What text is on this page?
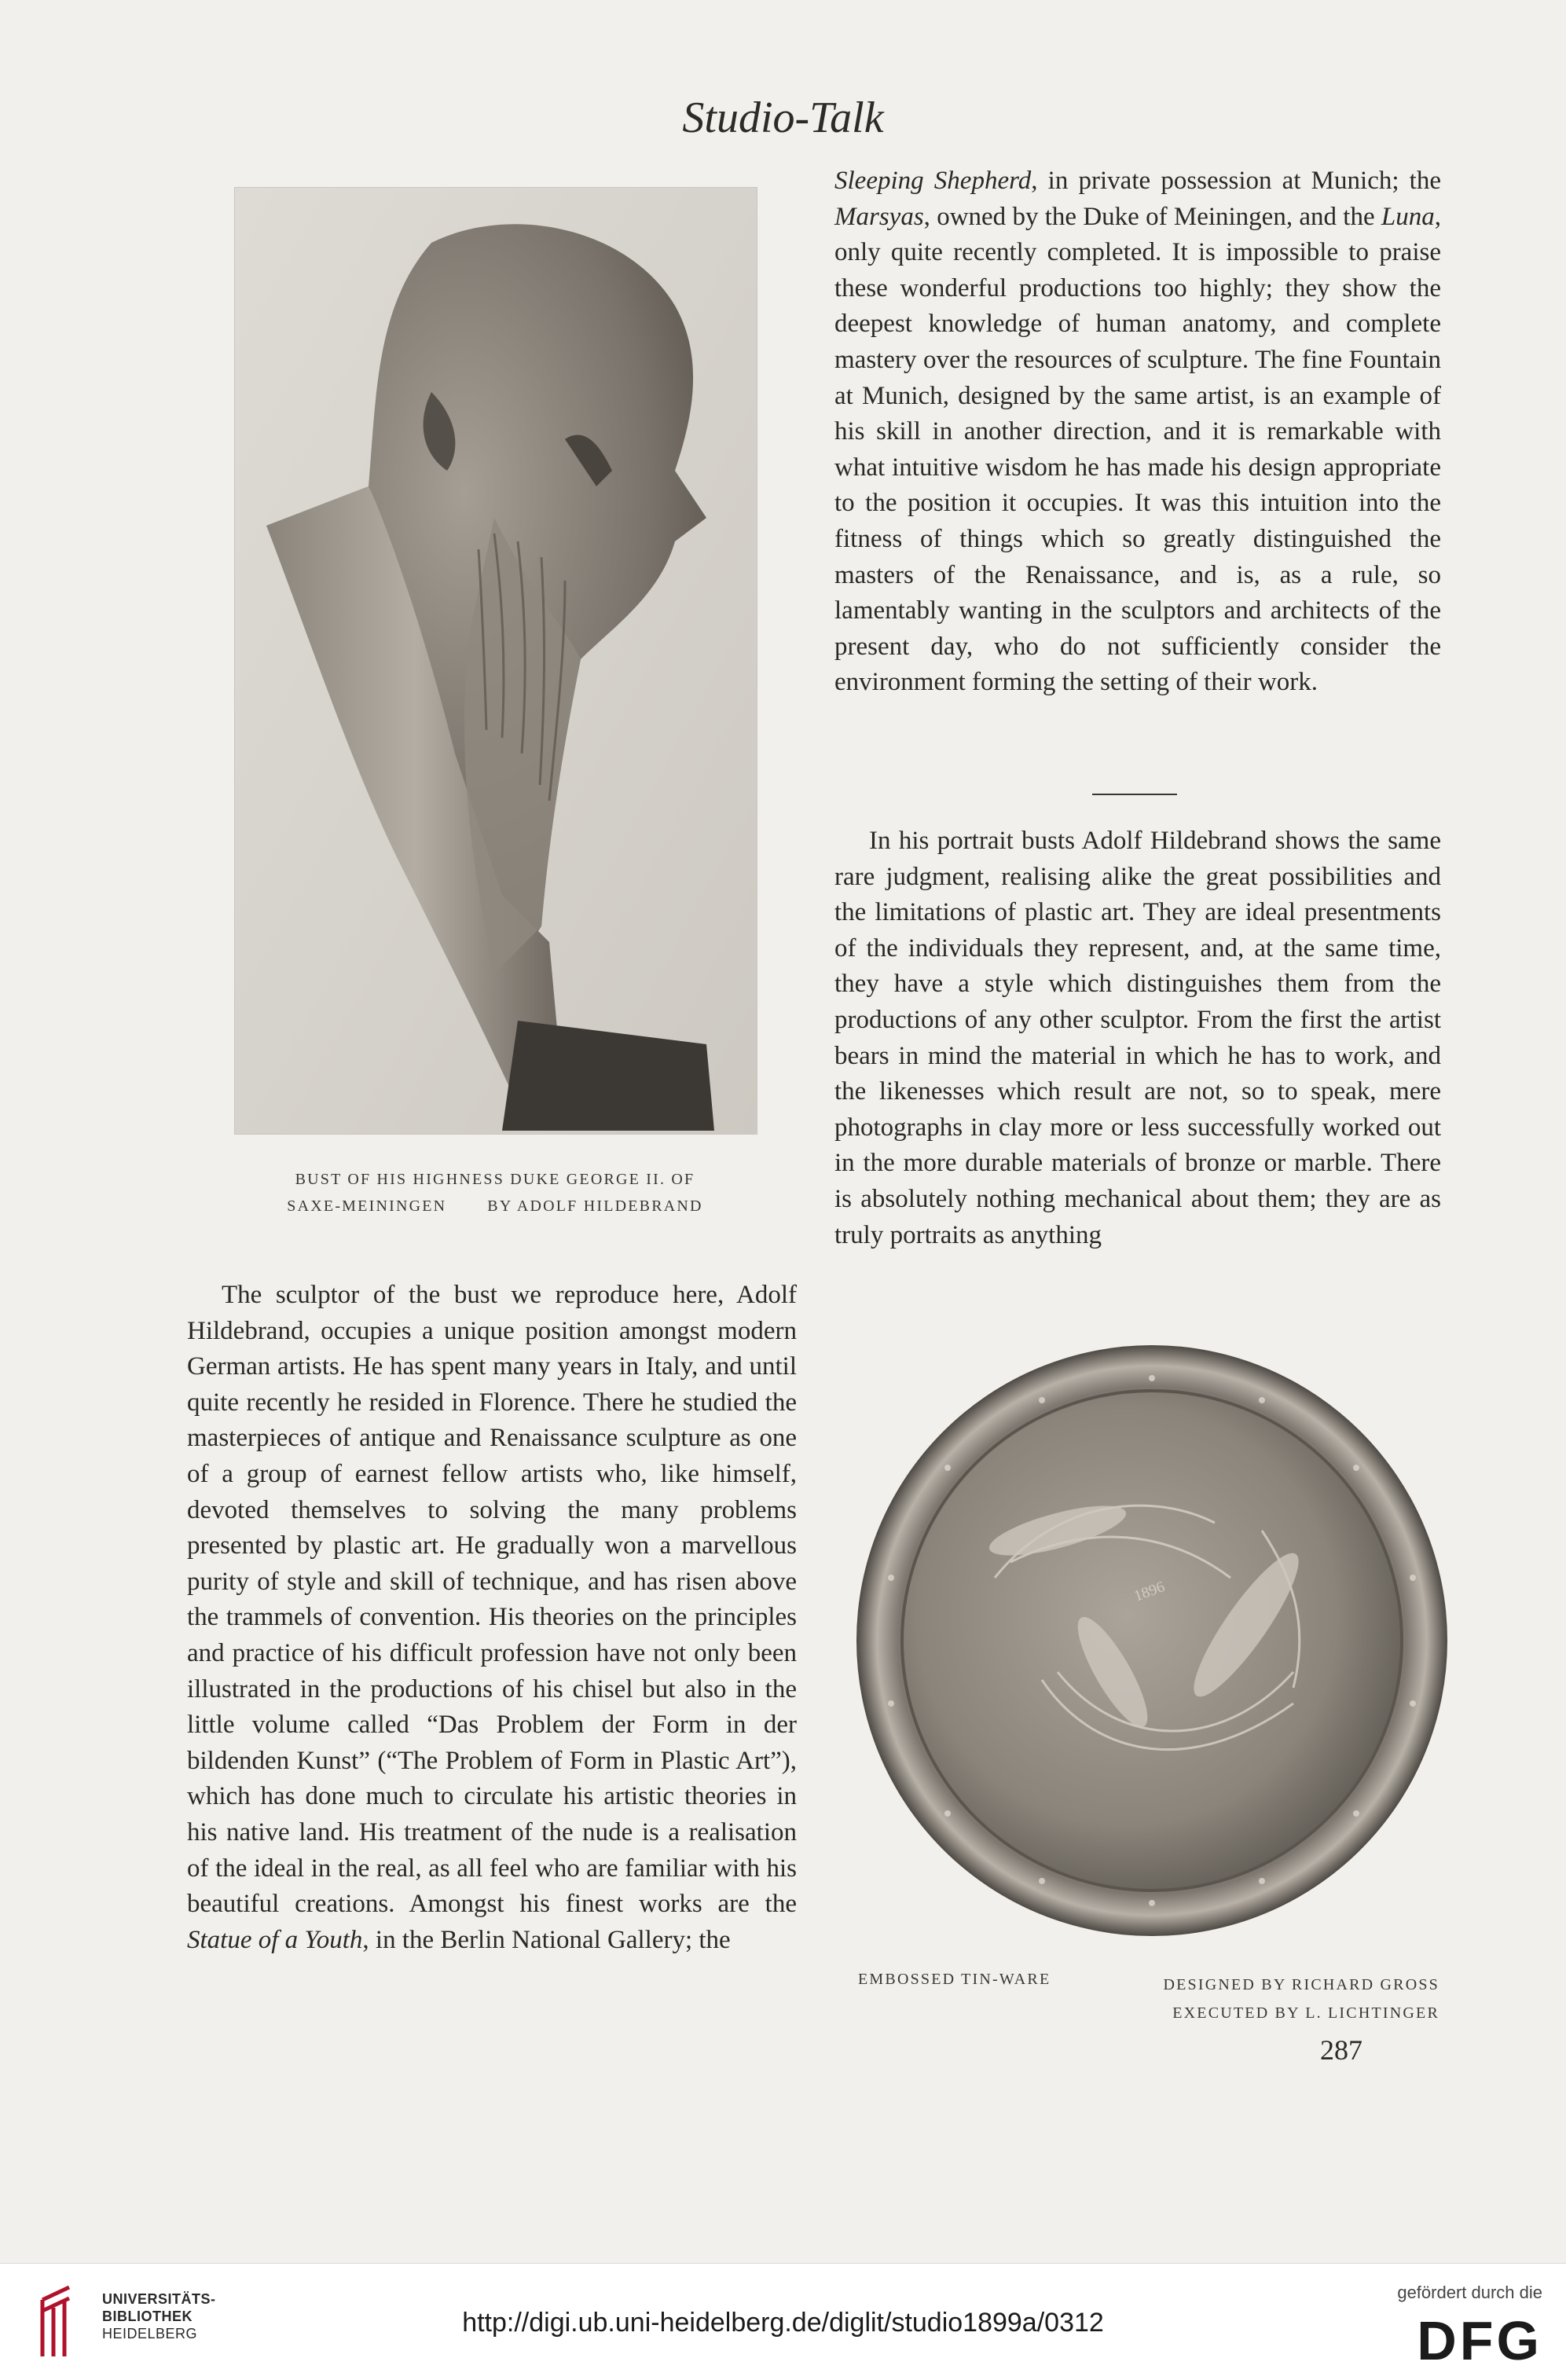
Studio-Talk
BUST OF HIS HIGHNESS DUKE GEORGE II. OF
SAXE-MEININGEN	BY ADOLF HILDEBRAND

Sleeping Shepherd, in private possession at Munich; the Marsyas, owned by the Duke of Meiningen, and the Luna, only quite recently completed. It is impossible to praise these wonderful productions too highly; they show the deepest knowledge of human anatomy, and complete mastery over the resources of sculpture. The fine Fountain at Munich, designed by the same artist, is an example of his skill in another direction, and it is remarkable with what intuitive wisdom he has made his design appropriate to the position it occupies. It was this intuition into the fitness of things which so greatly distinguished the masters of the Renaissance, and is, as a rule, so lamentably wanting in the sculptors and architects of the present day, who do not sufficiently consider the environment forming the setting of their work.

In his portrait busts Adolf Hildebrand shows the same rare judgment, realising alike the great possibilities and the limitations of plastic art. They are ideal presentments of the individuals they represent, and, at the same time, they have a style which distinguishes them from the productions of any other sculptor. From the first the artist bears in mind the material in which he has to work, and the likenesses which result are not, so to speak, mere photographs in clay more or less successfully worked out in the more durable materials of bronze or marble. There is absolutely nothing mechanical about them; they are as truly portraits as anything

The sculptor of the bust we reproduce here, Adolf Hildebrand, occupies a unique position amongst modern German artists. He has spent many years in Italy, and until quite recently he resided in Florence. There he studied the masterpieces of antique and Renaissance sculpture as one of a group of earnest fellow artists who, like himself, devoted themselves to solving the many problems presented by plastic art. He gradually won a marvellous purity of style and skill of technique, and has risen above the trammels of convention. His theories on the principles and practice of his difficult profession have not only been illustrated in the productions of his chisel but also in the little volume called “Das Problem der Form in der bildenden Kunst” (“The Problem of Form in Plastic Art”), which has done much to circulate his artistic theories in his native land. His treatment of the nude is a realisation of the ideal in the real, as all feel who are familiar with his beautiful creations. Amongst his finest works are the Statue of a Youth, in the Berlin National Gallery; the

1896
EMBOSSED TIN-WARE	DESIGNED BY RICHARD GROSS
EXECUTED BY L. LICHTINGER
287
UNIVERSITÄTS-
BIBLIOTHEK
HEIDELBERG	http://digi.ub.uni-heidelberg.de/diglit/studio1899a/0312
gefördert durch die
DFG
